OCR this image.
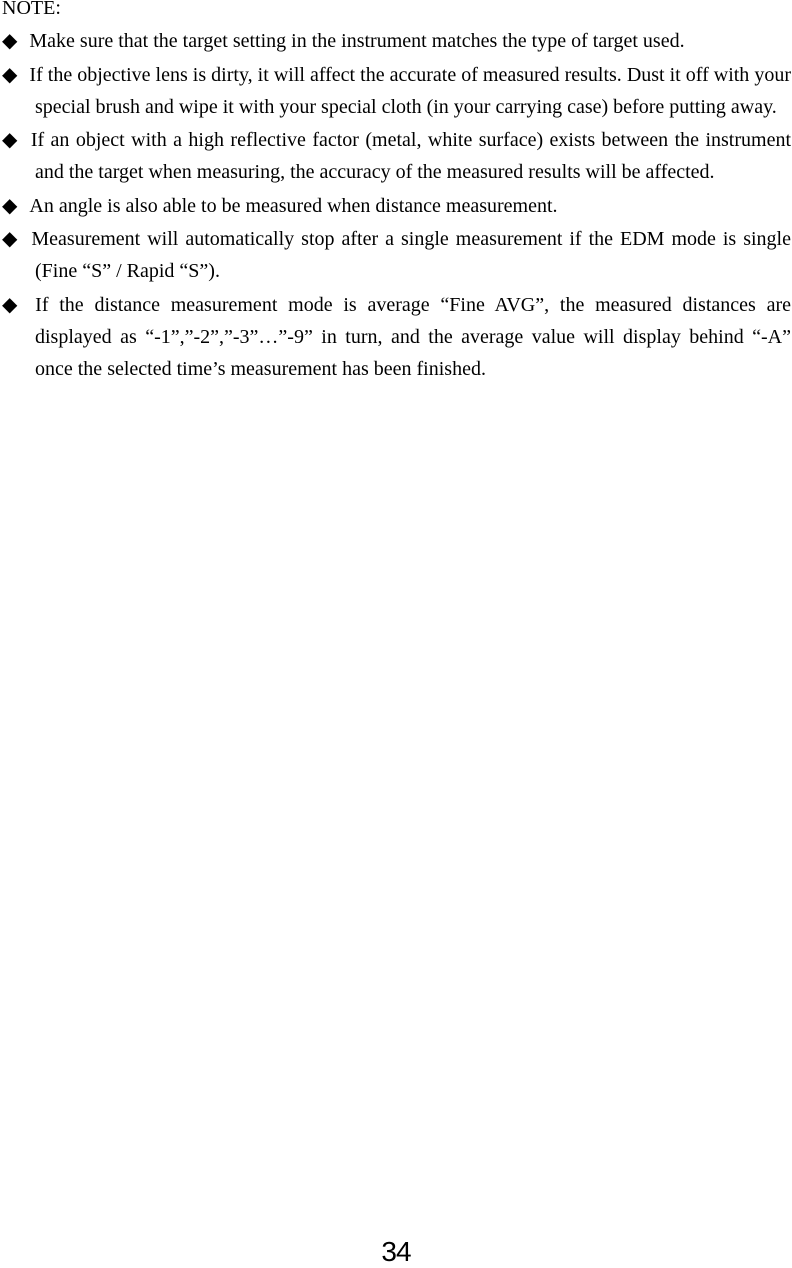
NOTE:
◆ Make sure that the target setting in the instrument matches the type of target used.
◆ If the objective lens is dirty, it will affect the accurate of measured results. Dust it off with your special brush and wipe it with your special cloth (in your carrying case) before putting away.
◆ If an object with a high reflective factor (metal, white surface) exists between the instrument and the target when measuring, the accuracy of the measured results will be affected.
◆ An angle is also able to be measured when distance measurement.
◆ Measurement will automatically stop after a single measurement if the EDM mode is single (Fine “S” / Rapid “S”).
◆ If the distance measurement mode is average “Fine AVG”, the measured distances are displayed as “-1”,”-2”,”-3”…”-9” in turn, and the average value will display behind “-A” once the selected time’s measurement has been finished.
34
